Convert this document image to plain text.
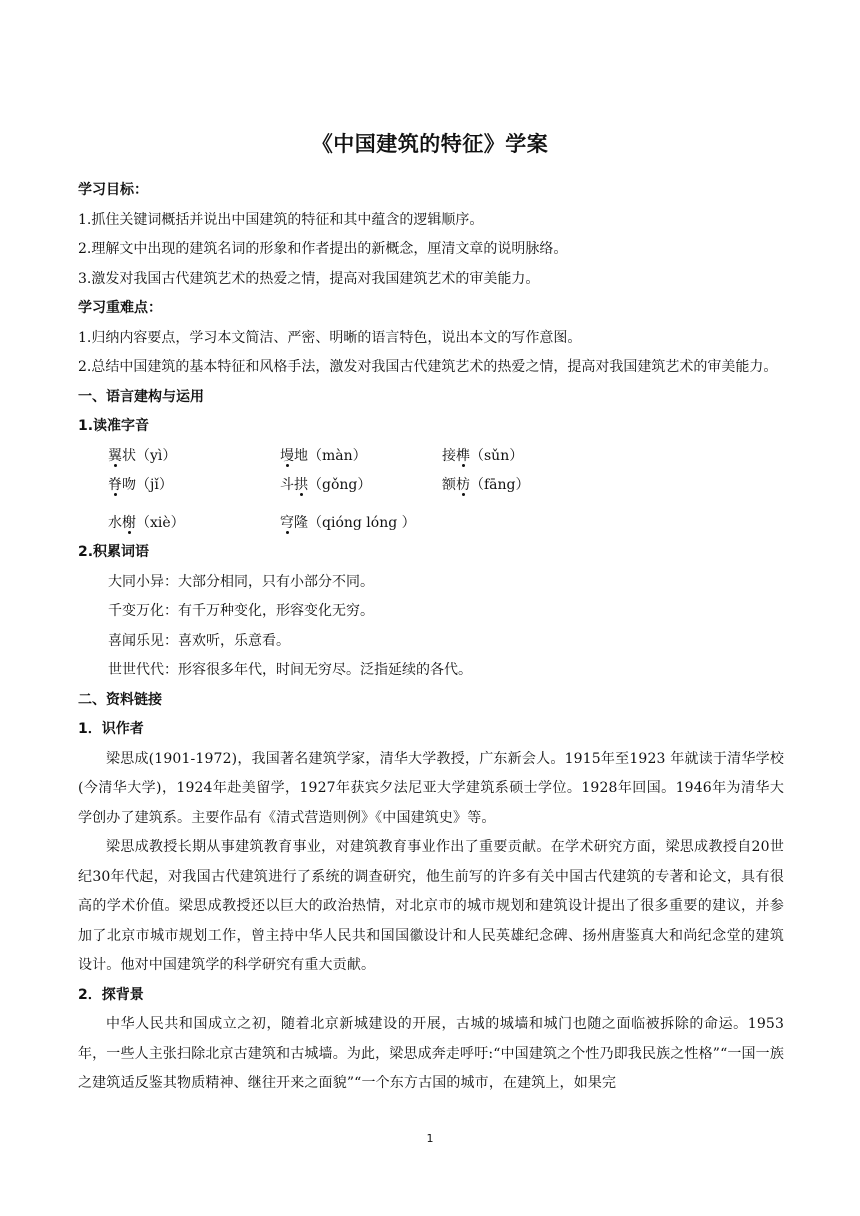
《中国建筑的特征》学案
学习目标：
1.抓住关键词概括并说出中国建筑的特征和其中蕴含的逻辑顺序。
2.理解文中出现的建筑名词的形象和作者提出的新概念，厘清文章的说明脉络。
3.激发对我国古代建筑艺术的热爱之情，提高对我国建筑艺术的审美能力。
学习重难点：
1.归纳内容要点，学习本文简洁、严密、明晰的语言特色，说出本文的写作意图。
2.总结中国建筑的基本特征和风格手法，激发对我国古代建筑艺术的热爱之情，提高对我国建筑艺术的审美能力。
一、语言建构与运用
1.读准字音
翼状（yì）	墁地（màn）	接榫（sǔn）
脊吻（jǐ）	斗拱（gǒng）	额枋（fāng）
水榭（xiè）	穹隆（qióng lóng ）
2.积累词语
大同小异：大部分相同，只有小部分不同。
千变万化：有千万种变化，形容变化无穷。
喜闻乐见：喜欢听，乐意看。
世世代代：形容很多年代，时间无穷尽。泛指延续的各代。
二、资料链接
1．识作者
梁思成(1901-1972)，我国著名建筑学家，清华大学教授，广东新会人。1915年至1923 年就读于清华学校(今清华大学)，1924年赴美留学，1927年获宾夕法尼亚大学建筑系硕士学位。1928年回国。1946年为清华大学创办了建筑系。主要作品有《清式营造则例》《中国建筑史》等。
梁思成教授长期从事建筑教育事业，对建筑教育事业作出了重要贡献。在学术研究方面，梁思成教授自20世纪30年代起，对我国古代建筑进行了系统的调查研究，他生前写的许多有关中国古代建筑的专著和论文，具有很高的学术价值。梁思成教授还以巨大的政治热情，对北京市的城市规划和建筑设计提出了很多重要的建议，并参加了北京市城市规划工作，曾主持中华人民共和国国徽设计和人民英雄纪念碑、扬州唐鉴真大和尚纪念堂的建筑设计。他对中国建筑学的科学研究有重大贡献。
2．探背景
中华人民共和国成立之初，随着北京新城建设的开展，古城的城墙和城门也随之面临被拆除的命运。1953年，一些人主张扫除北京古建筑和古城墙。为此，梁思成奔走呼吁:“中国建筑之个性乃即我民族之性格”“一国一族之建筑适反鉴其物质精神、继往开来之面貌”“一个东方古国的城市，在建筑上，如果完
1
